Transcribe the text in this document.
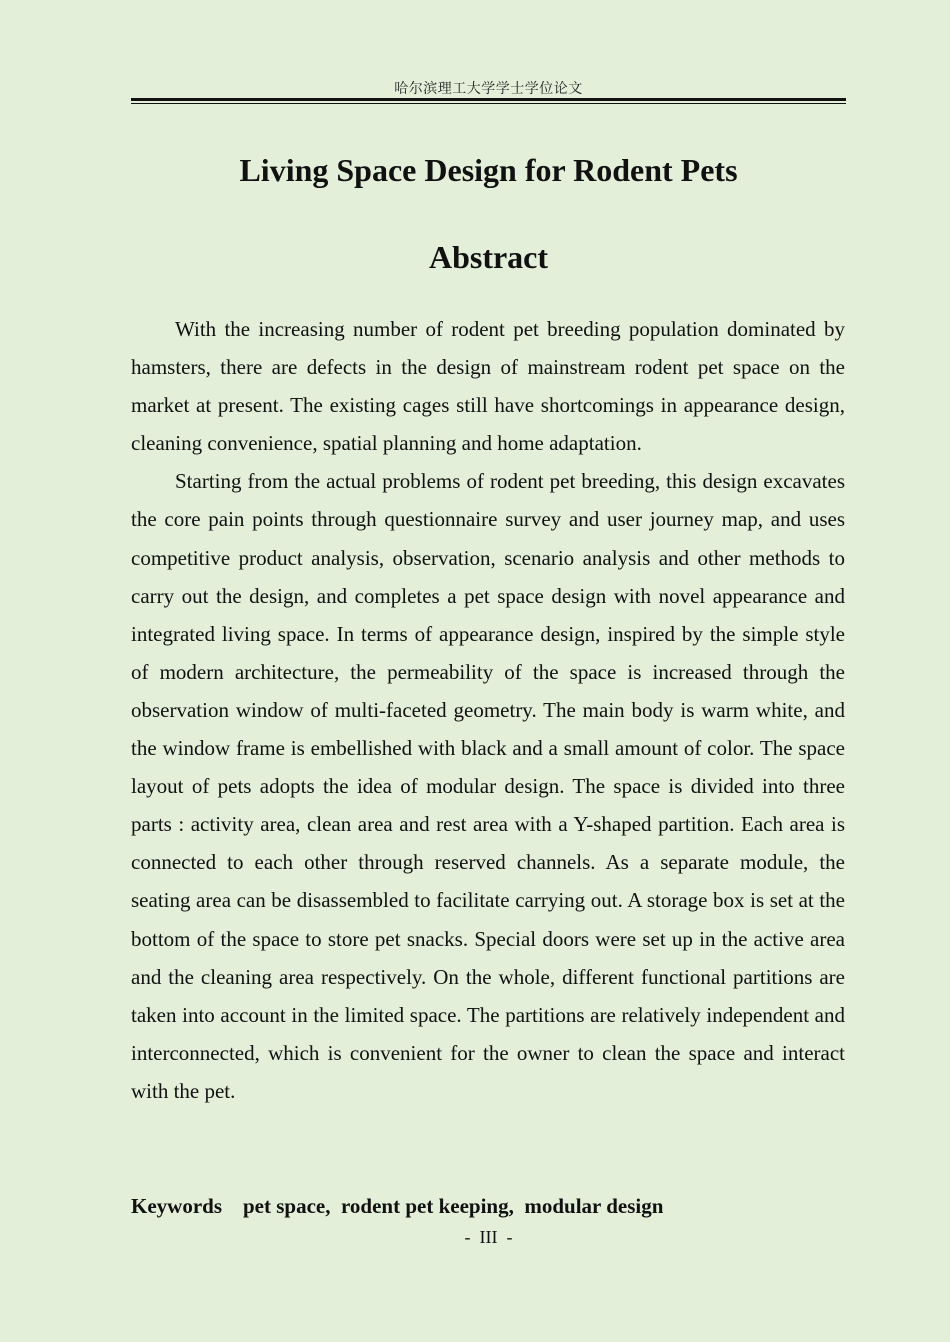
哈尔滨理工大学学士学位论文
Living Space Design for Rodent Pets
Abstract

With the increasing number of rodent pet breeding population dominated by hamsters, there are defects in the design of mainstream rodent pet space on the market at present. The existing cages still have shortcomings in appearance design, cleaning convenience, spatial planning and home adaptation.

Starting from the actual problems of rodent pet breeding, this design excavates the core pain points through questionnaire survey and user journey map, and uses competitive product analysis, observation, scenario analysis and other methods to carry out the design, and completes a pet space design with novel appearance and integrated living space. In terms of appearance design, inspired by the simple style of modern architecture, the permeability of the space is increased through the observation window of multi-faceted geometry. The main body is warm white, and the window frame is embellished with black and a small amount of color. The space layout of pets adopts the idea of modular design. The space is divided into three parts : activity area, clean area and rest area with a Y-shaped partition. Each area is connected to each other through reserved channels. As a separate module, the seating area can be disassembled to facilitate carrying out. A storage box is set at the bottom of the space to store pet snacks. Special doors were set up in the active area and the cleaning area respectively. On the whole, different functional partitions are taken into account in the limited space. The partitions are relatively independent and interconnected, which is convenient for the owner to clean the space and interact with the pet.

Keywords pet space,  rodent pet keeping,  modular design
-  III  -
